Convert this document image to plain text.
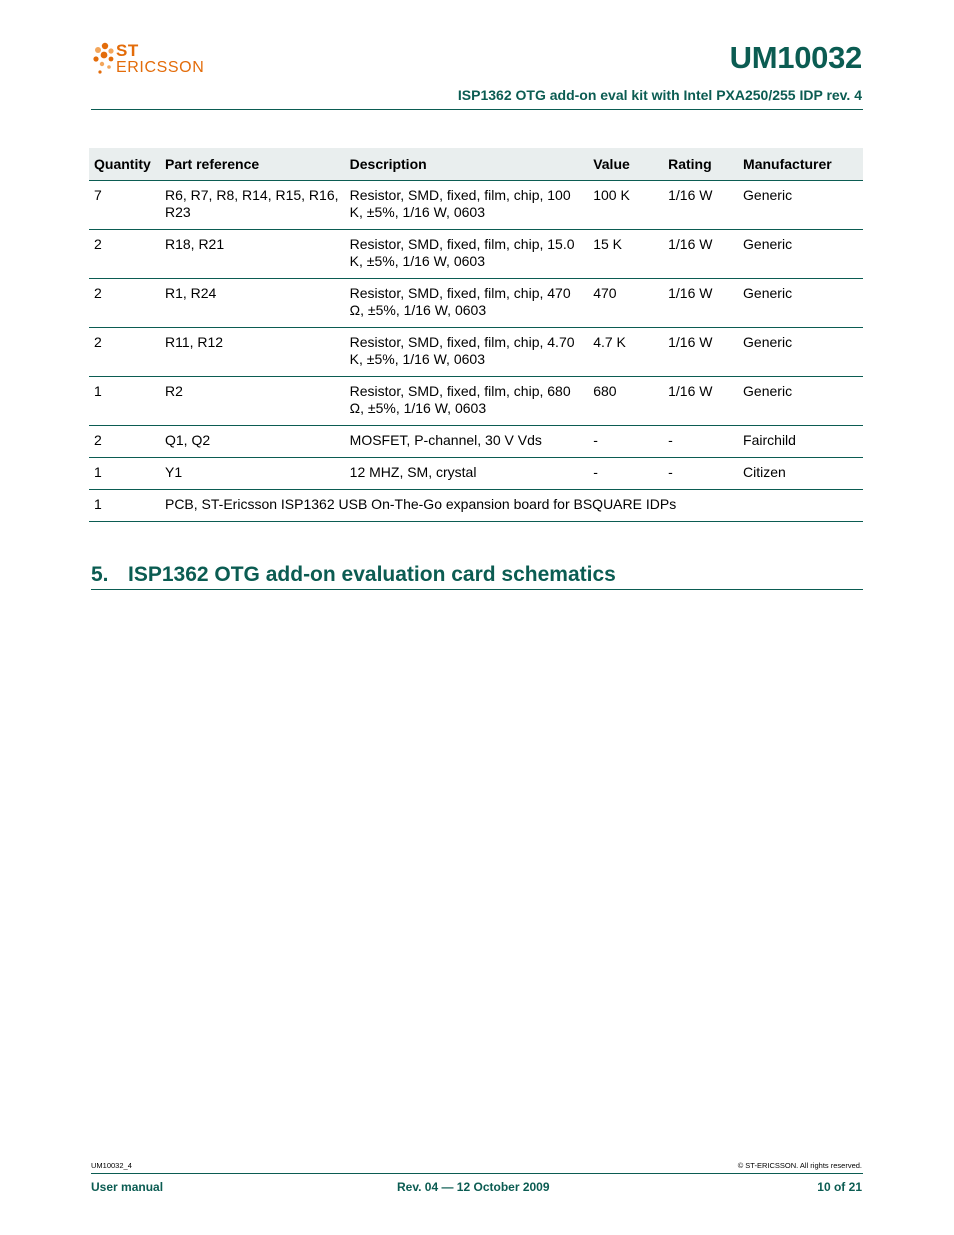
ST
ERICSSON	UM10032
ISP1362 OTG add-on eval kit with Intel PXA250/255 IDP rev. 4
Quantity	Part reference	Description	Value	Rating	Manufacturer
7	R6, R7, R8, R14, R15, R16, R23	Resistor, SMD, fixed, film, chip, 100 K, ±5%, 1/16 W, 0603	100 K	1/16 W	Generic
2	R18, R21	Resistor, SMD, fixed, film, chip, 15.0 K, ±5%, 1/16 W, 0603	15 K	1/16 W	Generic
2	R1, R24	Resistor, SMD, fixed, film, chip, 470 Ω, ±5%, 1/16 W, 0603	470	1/16 W	Generic
2	R11, R12	Resistor, SMD, fixed, film, chip, 4.70 K, ±5%, 1/16 W, 0603	4.7 K	1/16 W	Generic
1	R2	Resistor, SMD, fixed, film, chip, 680 Ω, ±5%, 1/16 W, 0603	680	1/16 W	Generic
2	Q1, Q2	MOSFET, P-channel, 30 V Vds	-	-	Fairchild
1	Y1	12 MHZ, SM, crystal	-	-	Citizen
1	PCB, ST-Ericsson ISP1362 USB On-The-Go expansion board for BSQUARE IDPs				
5. ISP1362 OTG add-on evaluation card schematics
UM10032_4	© ST-ERICSSON. All rights reserved.
User manual	Rev. 04 — 12 October 2009	10 of 21
